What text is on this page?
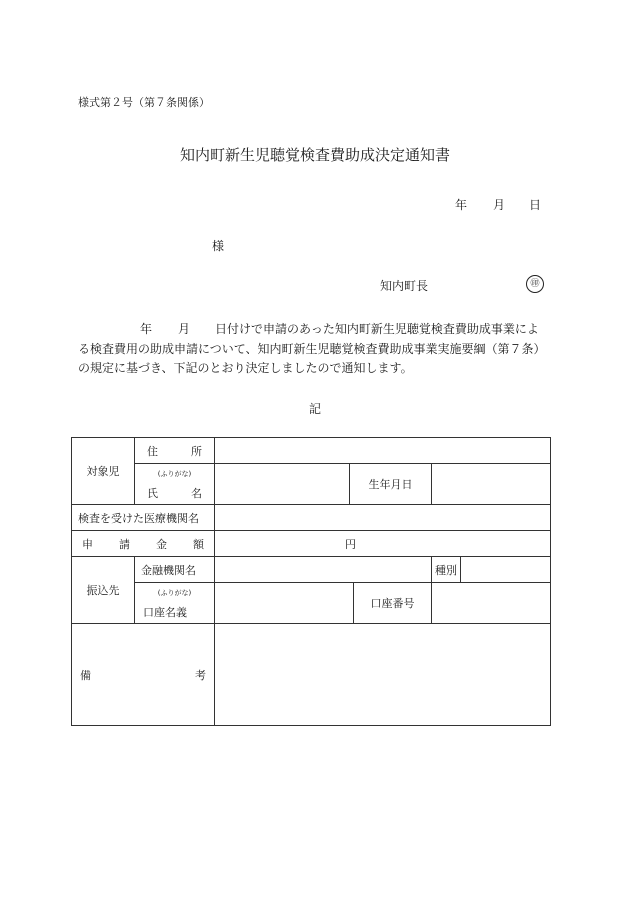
様式第２号（第７条関係）
知内町新生児聴覚検査費助成決定通知書
年 月 日
様
知内町長	㊞
年 月 日付けで申請のあった知内町新生児聴覚検査費助成事業によ
る検査費用の助成申請について、知内町新生児聴覚検査費助成事業実施要綱（第７条）
の規定に基づき、下記のとおり決定しましたので通知します。
記
対象児	住 所					

	(ふりがな)
氏 名		生年月日			
検査を受けた医療機関名						

申 請 金 額		円				
振込先	金融機関名				種別	

	(ふりがな)
口座名義			口座番号		

備 考						
